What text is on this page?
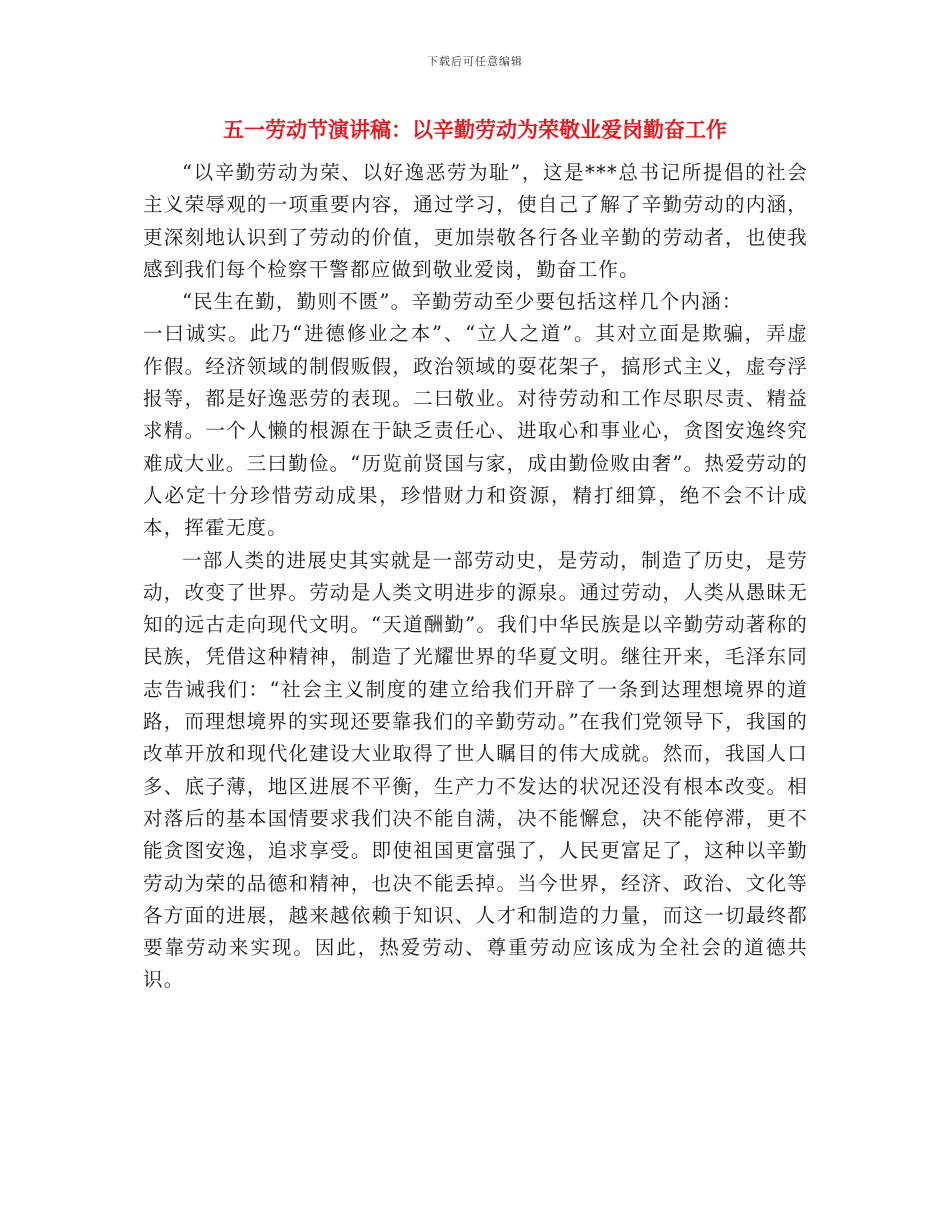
下载后可任意编辑
五一劳动节演讲稿：以辛勤劳动为荣敬业爱岗勤奋工作

“以辛勤劳动为荣、以好逸恶劳为耻”，这是***总书记所提倡的社会主义荣辱观的一项重要内容，通过学习，使自己了解了辛勤劳动的内涵，更深刻地认识到了劳动的价值，更加崇敬各行各业辛勤的劳动者，也使我感到我们每个检察干警都应做到敬业爱岗，勤奋工作。

“民生在勤，勤则不匮”。辛勤劳动至少要包括这样几个内涵：

一曰诚实。此乃“进德修业之本”、“立人之道”。其对立面是欺骗，弄虚作假。经济领域的制假贩假，政治领域的耍花架子，搞形式主义，虚夸浮报等，都是好逸恶劳的表现。二曰敬业。对待劳动和工作尽职尽责、精益求精。一个人懒的根源在于缺乏责任心、进取心和事业心，贪图安逸终究难成大业。三曰勤俭。“历览前贤国与家，成由勤俭败由奢”。热爱劳动的人必定十分珍惜劳动成果，珍惜财力和资源，精打细算，绝不会不计成本，挥霍无度。

一部人类的进展史其实就是一部劳动史，是劳动，制造了历史，是劳动，改变了世界。劳动是人类文明进步的源泉。通过劳动，人类从愚昧无知的远古走向现代文明。“天道酬勤”。我们中华民族是以辛勤劳动著称的民族，凭借这种精神，制造了光耀世界的华夏文明。继往开来，毛泽东同志告诫我们：“社会主义制度的建立给我们开辟了一条到达理想境界的道路，而理想境界的实现还要靠我们的辛勤劳动。”在我们党领导下，我国的改革开放和现代化建设大业取得了世人瞩目的伟大成就。然而，我国人口多、底子薄，地区进展不平衡，生产力不发达的状况还没有根本改变。相对落后的基本国情要求我们决不能自满，决不能懈怠，决不能停滞，更不能贪图安逸，追求享受。即使祖国更富强了，人民更富足了，这种以辛勤劳动为荣的品德和精神，也决不能丢掉。当今世界，经济、政治、文化等各方面的进展，越来越依赖于知识、人才和制造的力量，而这一切最终都要靠劳动来实现。因此，热爱劳动、尊重劳动应该成为全社会的道德共识。
